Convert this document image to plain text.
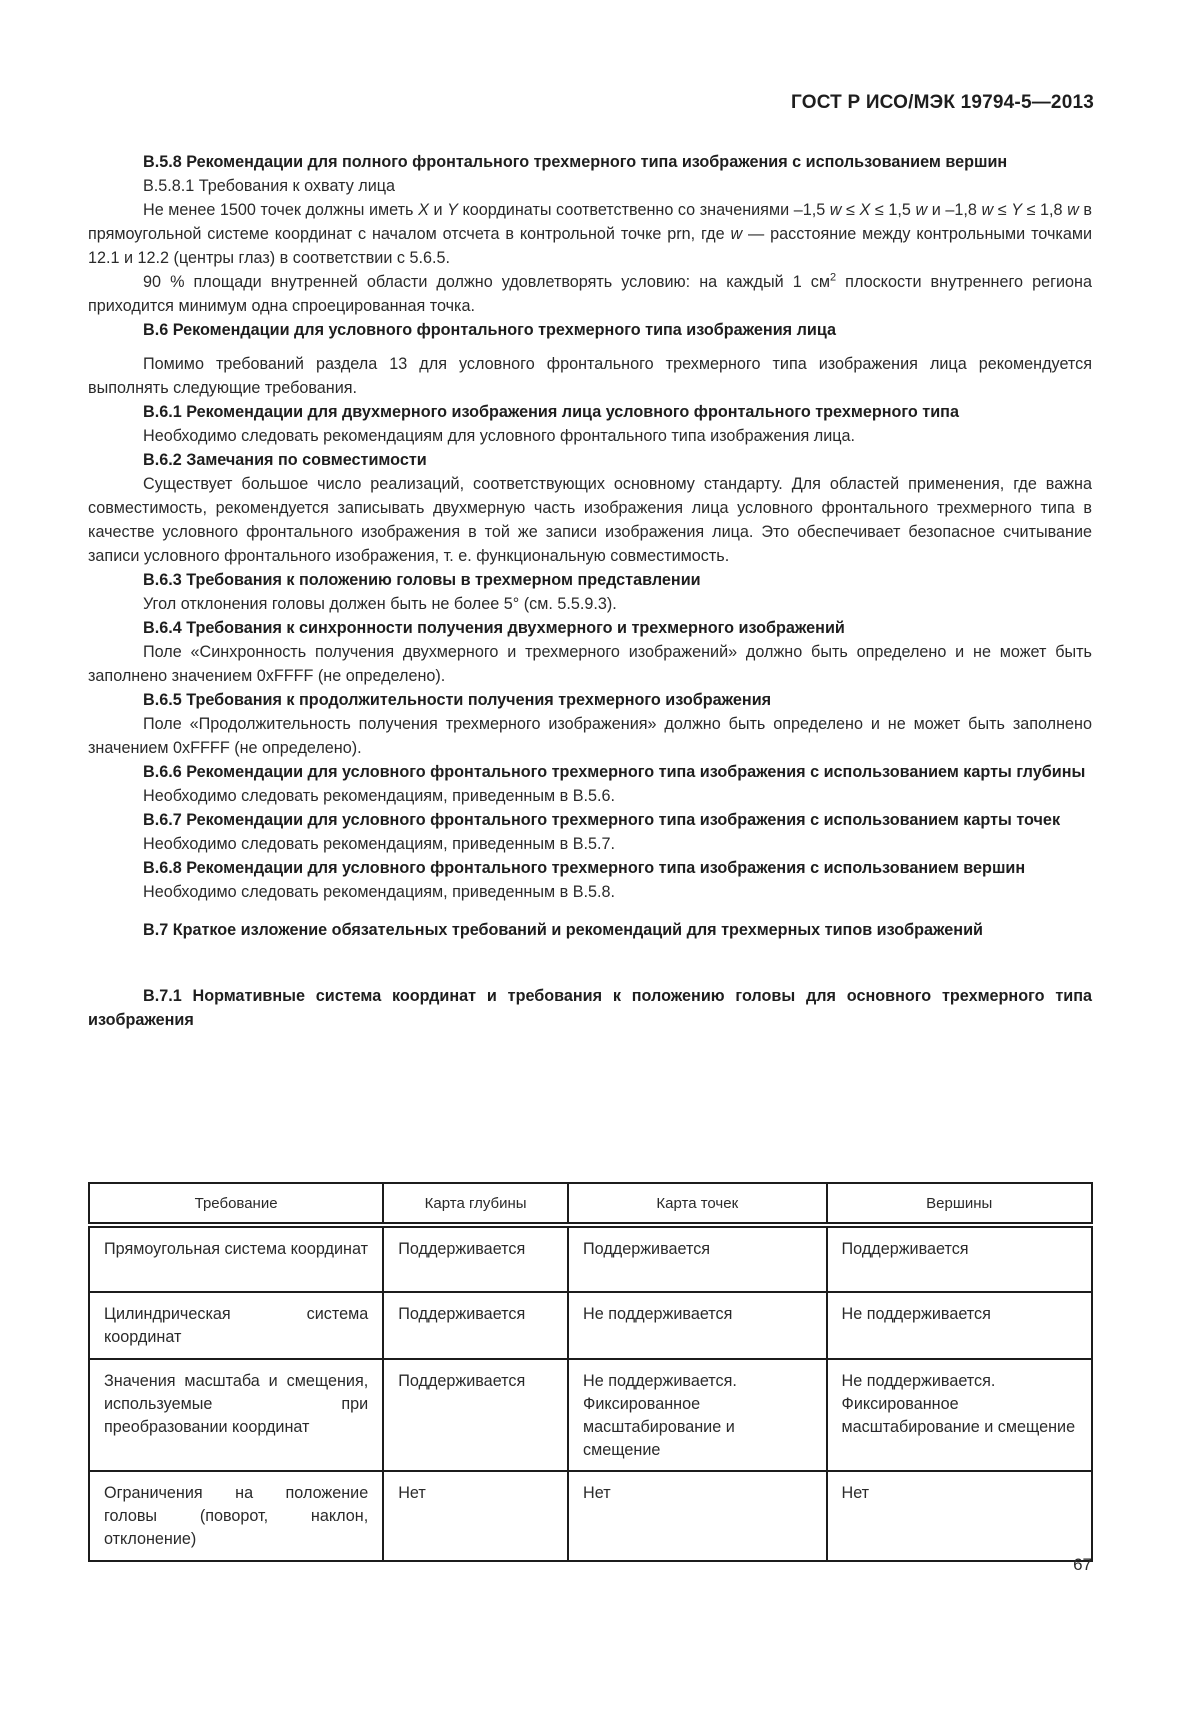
ГОСТ Р ИСО/МЭК 19794-5—2013

В.5.8 Рекомендации для полного фронтального трехмерного типа изображения с использованием вершин

В.5.8.1 Требования к охвату лица

Не менее 1500 точек должны иметь X и Y координаты соответственно со значениями –1,5 w ≤ X ≤ 1,5 w и –1,8 w ≤ Y ≤ 1,8 w в прямоугольной системе координат с началом отсчета в контрольной точке prn, где w — расстояние между контрольными точками 12.1 и 12.2 (центры глаз) в соответствии с 5.6.5.

90 % площади внутренней области должно удовлетворять условию: на каждый 1 $см^2$ плоскости внутреннего региона приходится минимум одна спроецированная точка.

В.6 Рекомендации для условного фронтального трехмерного типа изображения лица

Помимо требований раздела 13 для условного фронтального трехмерного типа изображения лица рекомендуется выполнять следующие требования.

В.6.1 Рекомендации для двухмерного изображения лица условного фронтального трехмерного типа

Необходимо следовать рекомендациям для условного фронтального типа изображения лица.

В.6.2 Замечания по совместимости

Существует большое число реализаций, соответствующих основному стандарту. Для областей применения, где важна совместимость, рекомендуется записывать двухмерную часть изображения лица условного фронтального трехмерного типа в качестве условного фронтального изображения в той же записи изображения лица. Это обеспечивает безопасное считывание записи условного фронтального изображения, т. е. функциональную совместимость.

В.6.3 Требования к положению головы в трехмерном представлении

Угол отклонения головы должен быть не более 5° (см. 5.5.9.3).

В.6.4 Требования к синхронности получения двухмерного и трехмерного изображений

Поле «Синхронность получения двухмерного и трехмерного изображений» должно быть определено и не может быть заполнено значением 0xFFFF (не определено).

В.6.5 Требования к продолжительности получения трехмерного изображения

Поле «Продолжительность получения трехмерного изображения» должно быть определено и не может быть заполнено значением 0xFFFF (не определено).

В.6.6 Рекомендации для условного фронтального трехмерного типа изображения с использованием карты глубины

Необходимо следовать рекомендациям, приведенным в В.5.6.

В.6.7 Рекомендации для условного фронтального трехмерного типа изображения с использованием карты точек

Необходимо следовать рекомендациям, приведенным в В.5.7.

В.6.8 Рекомендации для условного фронтального трехмерного типа изображения с использованием вершин

Необходимо следовать рекомендациям, приведенным в В.5.8.

В.7 Краткое изложение обязательных требований и рекомендаций для трехмерных типов изображений

В.7.1 Нормативные система координат и требования к положению головы для основного трехмерного типа изображения

Требование	Карта глубины	Карта точек	Вершины
Прямоугольная система координат	Поддерживается	Поддерживается	Поддерживается
Цилиндрическая система координат	Поддерживается	Не поддерживается	Не поддерживается
Значения масштаба и смещения, используемые при преобразовании координат	Поддерживается	Не поддерживается. Фиксированное масштабирование и смещение	Не поддерживается. Фиксированное масштабирование и смещение
Ограничения на положение головы (поворот, наклон, отклонение)	Нет	Нет	Нет
67
